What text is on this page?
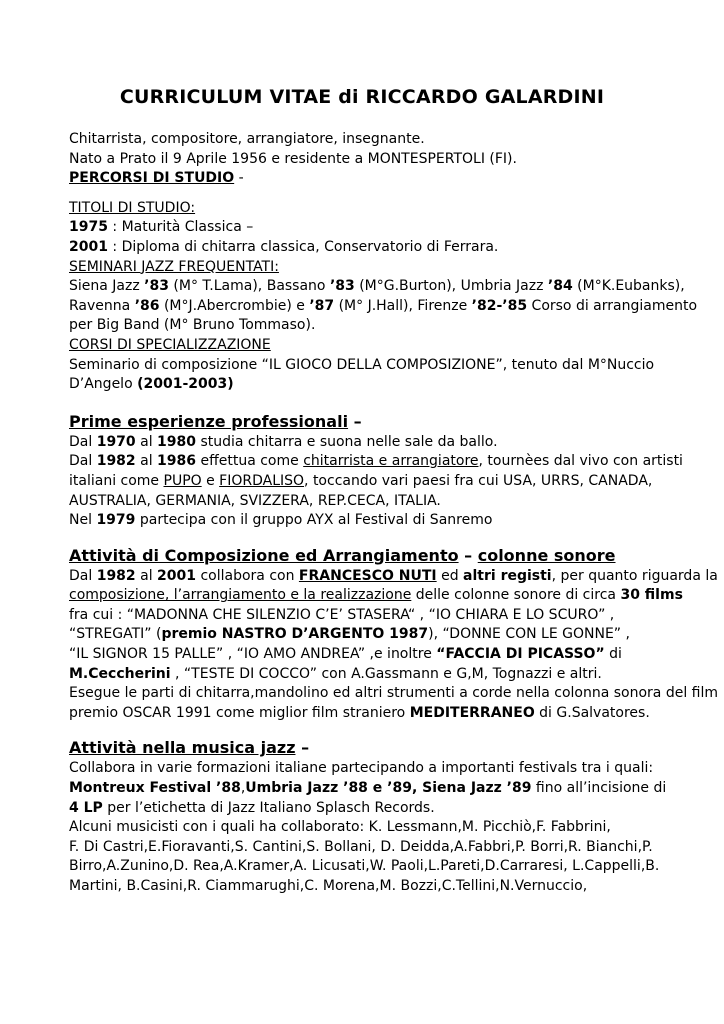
CURRICULUM VITAE di RICCARDO GALARDINI
Chitarrista, compositore, arrangiatore, insegnante.
Nato a Prato il 9 Aprile 1956 e residente a MONTESPERTOLI (FI).
PERCORSI DI STUDIO -
TITOLI DI STUDIO:
1975 : Maturità Classica –
2001 : Diploma di chitarra classica, Conservatorio di Ferrara.
SEMINARI JAZZ FREQUENTATI:
Siena Jazz ’83 (M° T.Lama), Bassano ’83 (M°G.Burton), Umbria Jazz ’84 (M°K.Eubanks),
Ravenna ’86 (M°J.Abercrombie) e ’87 (M° J.Hall), Firenze ’82-’85 Corso di arrangiamento
per Big Band (M° Bruno Tommaso).
CORSI DI SPECIALIZZAZIONE
Seminario di composizione “IL GIOCO DELLA COMPOSIZIONE”, tenuto dal M°Nuccio
D’Angelo (2001-2003)
Prime esperienze professionali –
Dal 1970 al 1980 studia chitarra e suona nelle sale da ballo.
Dal 1982 al 1986 effettua come chitarrista e arrangiatore, tournèes dal vivo con artisti
italiani come PUPO e FIORDALISO, toccando vari paesi fra cui USA, URRS, CANADA,
AUSTRALIA, GERMANIA, SVIZZERA, REP.CECA, ITALIA.
Nel 1979 partecipa con il gruppo AYX al Festival di Sanremo
Attività di Composizione ed Arrangiamento – colonne sonore
Dal 1982 al 2001 collabora con FRANCESCO NUTI ed altri registi, per quanto riguarda la
composizione, l’arrangiamento e la realizzazione delle colonne sonore di circa 30 films
fra cui : “MADONNA CHE SILENZIO C’E’ STASERA“ , “IO CHIARA E LO SCURO” ,
“STREGATI” (premio NASTRO D’ARGENTO 1987), “DONNE CON LE GONNE” ,
“IL SIGNOR 15 PALLE” , “IO AMO ANDREA” ,e inoltre “FACCIA DI PICASSO” di
M.Ceccherini , “TESTE DI COCCO” con A.Gassmann e G,M, Tognazzi e altri.
Esegue le parti di chitarra,mandolino ed altri strumenti a corde nella colonna sonora del film
premio OSCAR 1991 come miglior film straniero MEDITERRANEO di G.Salvatores.
Attività nella musica jazz –
Collabora in varie formazioni italiane partecipando a importanti festivals tra i quali:
Montreux Festival ’88,Umbria Jazz ’88 e ’89, Siena Jazz ’89 fino all’incisione di
4 LP per l’etichetta di Jazz Italiano Splasch Records.
Alcuni musicisti con i quali ha collaborato: K. Lessmann,M. Picchiò,F. Fabbrini,
F. Di Castri,E.Fioravanti,S. Cantini,S. Bollani, D. Deidda,A.Fabbri,P. Borri,R. Bianchi,P.
Birro,A.Zunino,D. Rea,A.Kramer,A. Licusati,W. Paoli,L.Pareti,D.Carraresi, L.Cappelli,B.
Martini, B.Casini,R. Ciammarughi,C. Morena,M. Bozzi,C.Tellini,N.Vernuccio,
